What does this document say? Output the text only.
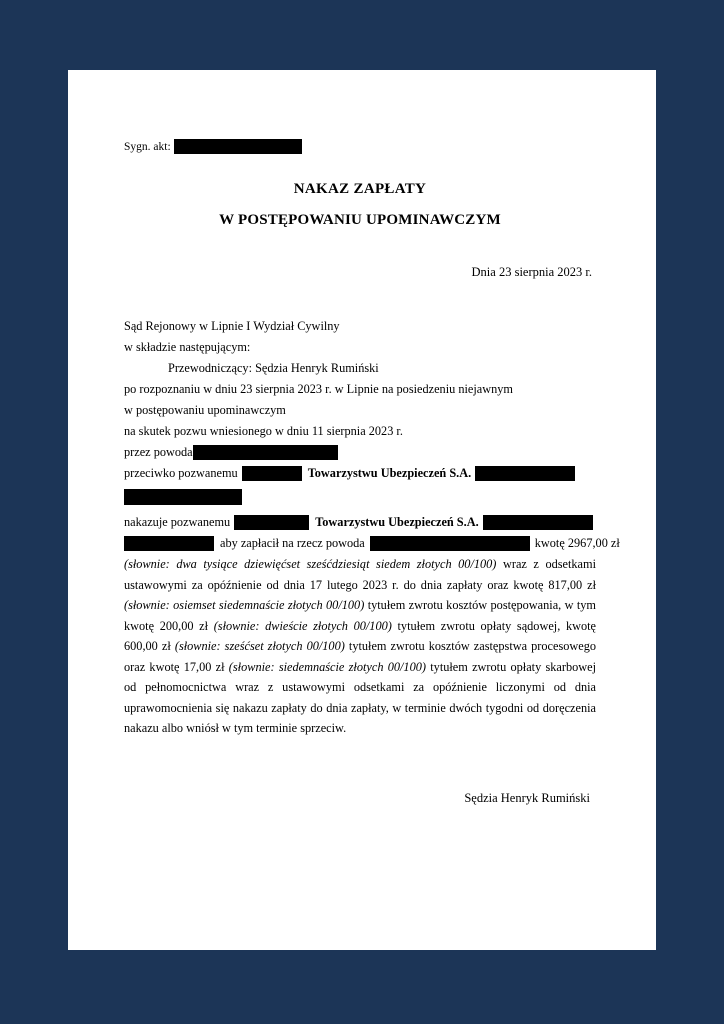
Sygn. akt:
NAKAZ ZAPŁATY
W POSTĘPOWANIU UPOMINAWCZYM
Dnia 23 sierpnia 2023 r.
Sąd Rejonowy w Lipnie I Wydział Cywilny
w składzie następującym:
Przewodniczący: Sędzia Henryk Rumiński
po rozpoznaniu w dniu 23 sierpnia 2023 r. w Lipnie na posiedzeniu niejawnym
w postępowaniu upominawczym
na skutek pozwu wniesionego w dniu 11 sierpnia 2023 r.
przez powoda
przeciwko pozwanemu	Towarzystwu Ubezpieczeń S.A.
nakazuje pozwanemu	Towarzystwu Ubezpieczeń S.A.
aby zapłacił na rzecz powoda	kwotę 2967,00 zł

(słownie: dwa tysiące dziewięćset sześćdziesiąt siedem złotych 00/100) wraz z odsetkami ustawowymi za opóźnienie od dnia 17 lutego 2023 r. do dnia zapłaty oraz kwotę 817,00 zł (słownie: osiemset siedemnaście złotych 00/100) tytułem zwrotu kosztów postępowania, w tym kwotę 200,00 zł (słownie: dwieście złotych 00/100) tytułem zwrotu opłaty sądowej, kwotę 600,00 zł (słownie: sześćset złotych 00/100) tytułem zwrotu kosztów zastępstwa procesowego oraz kwotę 17,00 zł (słownie: siedemnaście złotych 00/100) tytułem zwrotu opłaty skarbowej od pełnomocnictwa wraz z ustawowymi odsetkami za opóźnienie liczonymi od dnia uprawomocnienia się nakazu zapłaty do dnia zapłaty, w terminie dwóch tygodni od doręczenia nakazu albo wniósł w tym terminie sprzeciw.

Sędzia Henryk Rumiński
